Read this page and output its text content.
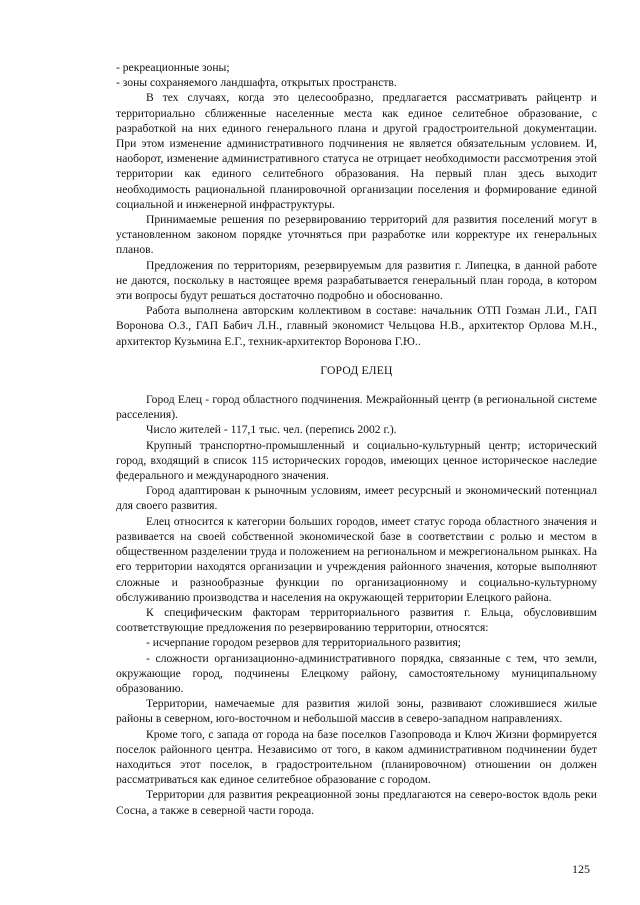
- рекреационные зоны;

- зоны сохраняемого ландшафта, открытых пространств.

В тех случаях, когда это целесообразно, предлагается рассматривать райцентр и территориально сближенные населенные места как единое селитебное образование, с разработкой на них единого генерального плана и другой градостроительной документации. При этом изменение административного подчинения не является обязательным условием. И, наоборот, изменение административного статуса не отрицает необходимости рассмотрения этой территории как единого селитебного образования. На первый план здесь выходит необходимость рациональной планировочной организации поселения и формирование единой социальной и инженерной инфраструктуры.

Принимаемые решения по резервированию территорий для развития поселений могут в установленном законом порядке уточняться при разработке или корректуре их генеральных планов.

Предложения по территориям, резервируемым для развития г. Липецка, в данной работе не даются, поскольку в настоящее время разрабатывается генеральный план города, в котором эти вопросы будут решаться достаточно подробно и обоснованно.

Работа выполнена авторским коллективом в составе: начальник ОТП Гозман Л.И., ГАП Воронова О.З., ГАП Бабич Л.Н., главный экономист Чельцова Н.В., архитектор Орлова М.Н., архитектор Кузьмина Е.Г., техник-архитектор Воронова Г.Ю..

ГОРОД ЕЛЕЦ

Город Елец - город областного подчинения. Межрайонный центр (в региональной системе расселения).

Число жителей - 117,1 тыс. чел. (перепись 2002 г.).

Крупный транспортно-промышленный и социально-культурный центр; исторический город, входящий в список 115 исторических городов, имеющих ценное историческое наследие федерального и международного значения.

Город адаптирован к рыночным условиям, имеет ресурсный и экономический потенциал для своего развития.

Елец относится к категории больших городов, имеет статус города областного значения и развивается на своей собственной экономической базе в соответствии с ролью и местом в общественном разделении труда и положением на региональном и межрегиональном рынках. На его территории находятся организации и учреждения районного значения, которые выполняют сложные и разнообразные функции по организационному и социально-культурному обслуживанию производства и населения на окружающей территории Елецкого района.

К специфическим факторам территориального развития г. Ельца, обусловившим соответствующие предложения по резервированию территории, относятся:

- исчерпание городом резервов для территориального развития;

- сложности организационно-административного порядка, связанные с тем, что земли, окружающие город, подчинены Елецкому району, самостоятельному муниципальному образованию.

Территории, намечаемые для развития жилой зоны, развивают сложившиеся жилые районы в северном, юго-восточном и небольшой массив в северо-западном направлениях.

Кроме того, с запада от города на базе поселков Газопровода и Ключ Жизни формируется поселок районного центра. Независимо от того, в каком административном подчинении будет находиться этот поселок, в градостроительном (планировочном) отношении он должен рассматриваться как единое селитебное образование с городом.

Территории для развития рекреационной зоны предлагаются на северо-восток вдоль реки Сосна, а также в северной части города.

125
